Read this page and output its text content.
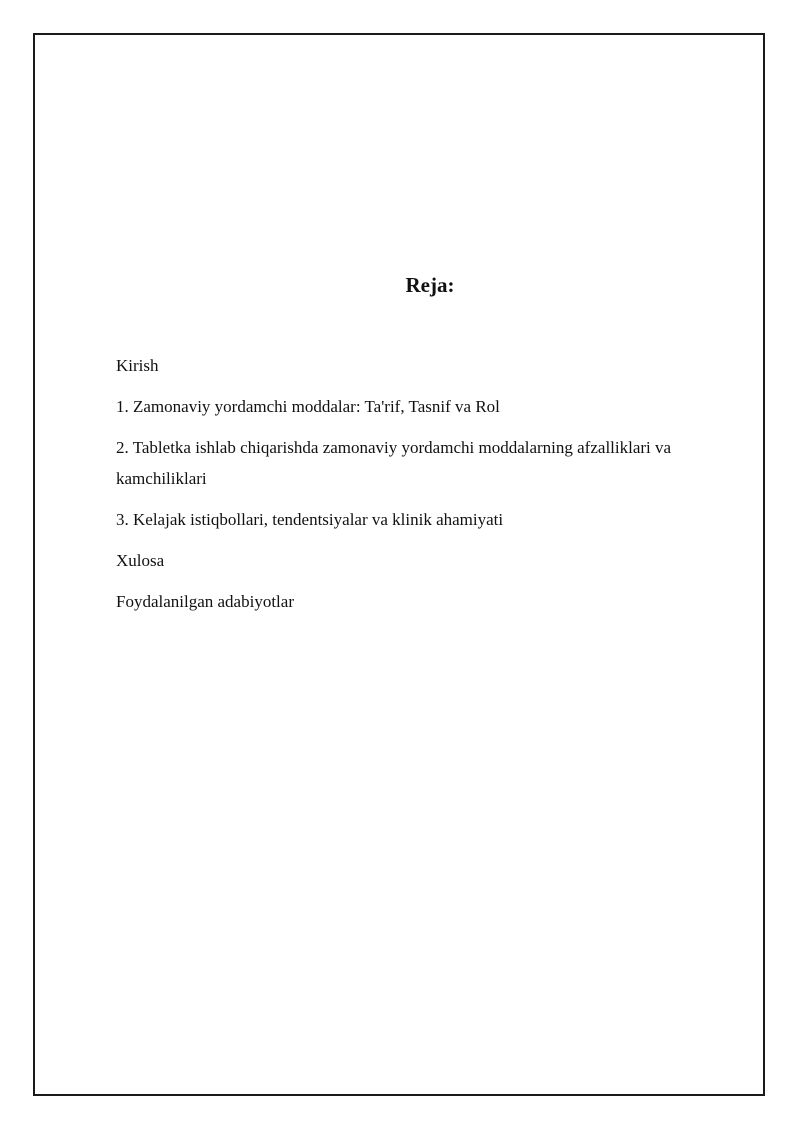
Reja:
Kirish
1. Zamonaviy yordamchi moddalar: Ta'rif, Tasnif va Rol
2. Tabletka ishlab chiqarishda zamonaviy yordamchi moddalarning afzalliklari va kamchiliklari
3. Kelajak istiqbollari, tendentsiyalar va klinik ahamiyati
Xulosa
Foydalanilgan adabiyotlar
